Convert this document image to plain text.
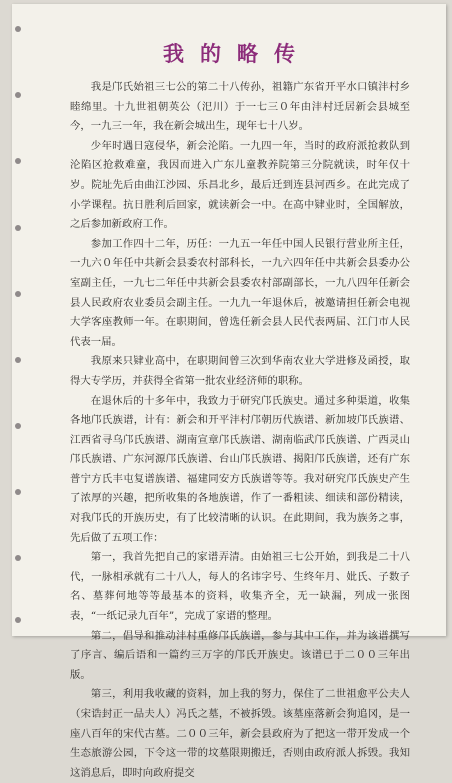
我的略传

我是邝氏始祖三七公的第二十八传孙，祖籍广东省开平水口镇沣村乡睦绵里。十九世祖朝英公（汜川）于一七三０年由沣村迁居新会县城至今，一九三一年，我在新会城出生，现年七十八岁。

少年时遇日寇侵华，新会沦陷。一九四一年，当时的政府派抢救队到沦陷区抢救难童，我因而进入广东儿童教养院第三分院就读，时年仅十岁。院址先后由曲江沙园、乐昌北乡，最后迁到连县河西乡。在此完成了小学课程。抗日胜利后回家，就读新会一中。在高中肄业时，全国解放，之后参加新政府工作。

参加工作四十二年，历任：一九五一年任中国人民银行营业所主任，一九六０年任中共新会县委农村部科长，一九六四年任中共新会县委办公室副主任，一九七二年任中共新会县委农村部副部长，一九八四年任新会县人民政府农业委员会副主任。一九九一年退休后，被邀请担任新会电视大学客座教师一年。在职期间，曾选任新会县人民代表两届、江门市人民代表一届。

我原来只肄业高中，在职期间曾三次到华南农业大学进修及函授，取得大专学历，并获得全省第一批农业经济师的职称。

在退休后的十多年中，我致力于研究邝氏族史。通过多种渠道，收集各地邝氏族谱，计有：新会和开平沣村邝朝历代族谱、新加坡邝氏族谱、江西省寻乌邝氏族谱、湖南宣章邝氏族谱、湖南临武邝氏族谱、广西灵山邝氏族谱、广东河源邝氏族谱、台山邝氏族谱、揭阳邝氏族谱，还有广东普宁方氏丰屯复谱族谱、福建同安方氏族谱等等。我对研究邝氏族史产生了浓厚的兴趣，把所收集的各地族谱，作了一番粗读、细读和部份精读，对我邝氏的开族历史，有了比较清晰的认识。在此期间，我为族务之事，先后做了五项工作：

第一，我首先把自己的家谱弄清。由始祖三七公开始，到我是二十八代，一脉相承就有二十八人，每人的名讳字号、生终年月、妣氏、子数子名、墓葬何地等等最基本的资料，收集齐全，无一缺漏，列成一张图表，“一纸记录九百年”，完成了家谱的整理。

第二，倡导和推动沣村重修邝氏族谱，参与其中工作，并为该谱撰写了序言、编后语和一篇约三万字的邝氏开族史。该谱已于二００三年出版。

第三，利用我收藏的资料，加上我的努力，保住了二世祖愈平公夫人（宋诰封正一品夫人）冯氏之墓，不被拆毁。该墓座落新会狗追冈，是一座八百年的宋代古墓。二００三年，新会县政府为了把这一带开发成一个生态旅游公园，下令这一带的坟墓限期搬迁，否则由政府派人拆毁。我知这消息后，即时向政府提交
